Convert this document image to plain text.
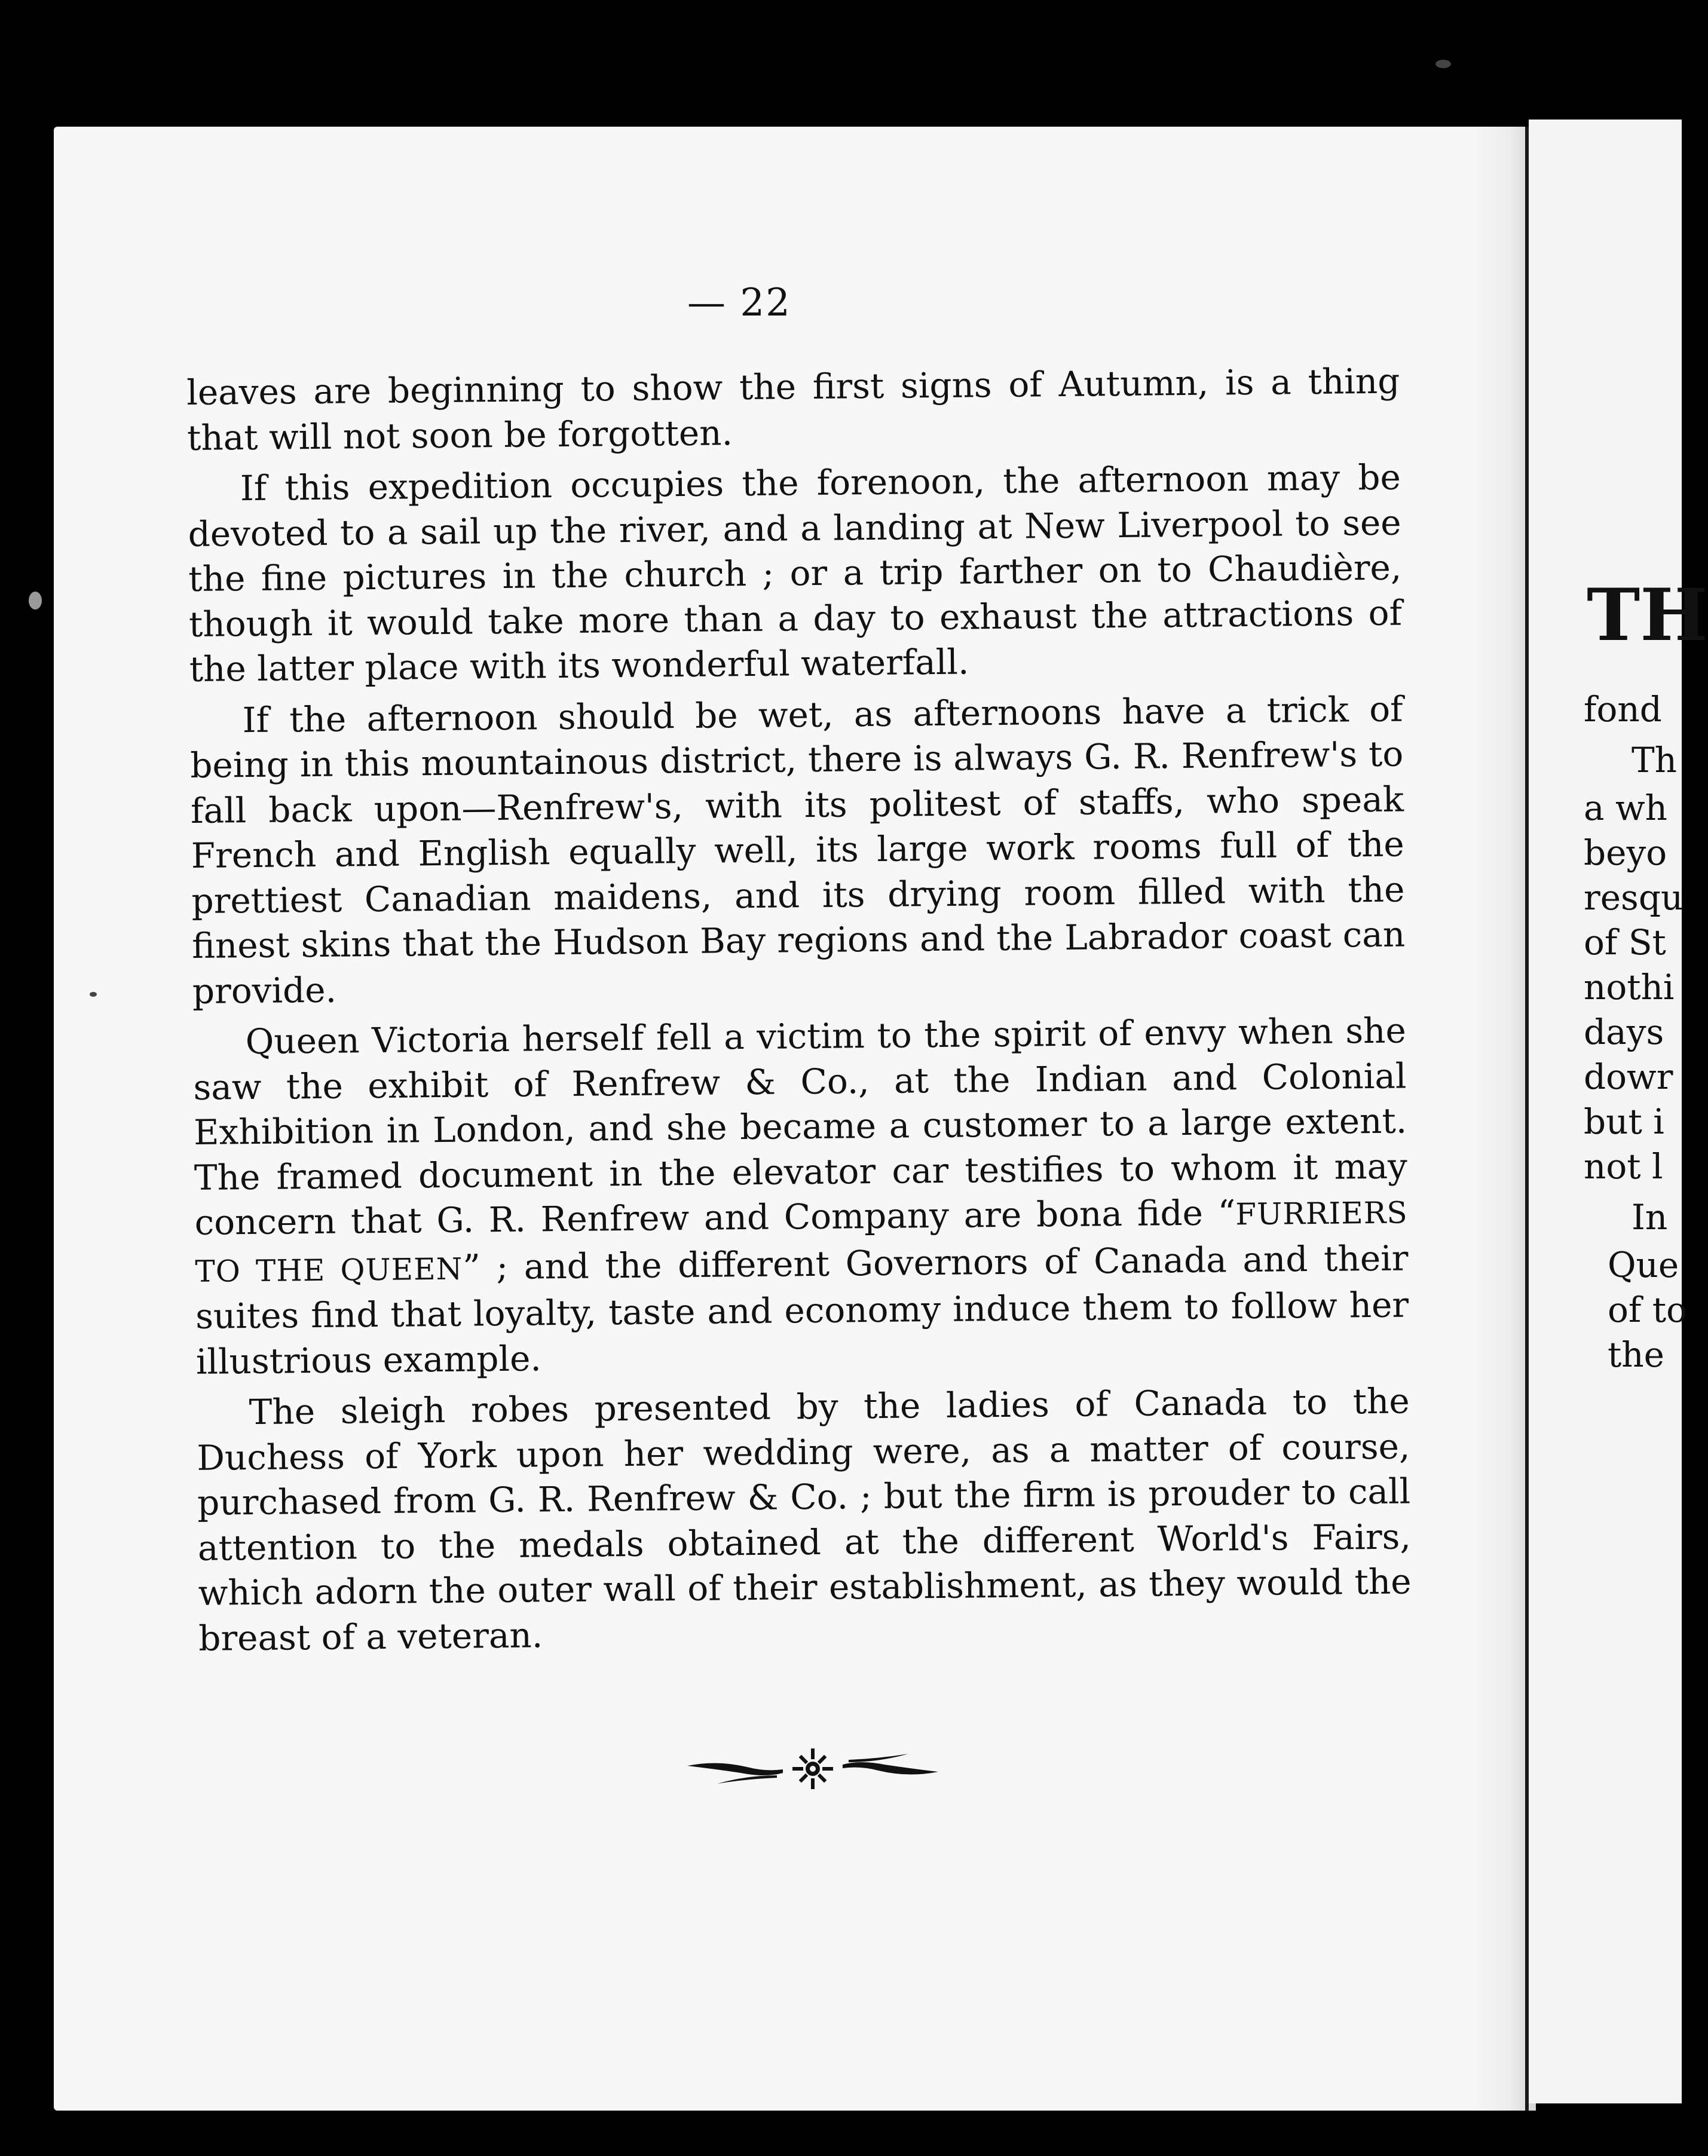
— 22

leaves are beginning to show the first signs of Autumn, is a thing that will not soon be forgotten.

If this expedition occupies the forenoon, the afternoon may be devoted to a sail up the river, and a landing at New Liverpool to see the fine pictures in the church ; or a trip farther on to Chaudière, though it would take more than a day to exhaust the attractions of the latter place with its wonderful waterfall.

If the afternoon should be wet, as afternoons have a trick of being in this mountainous district, there is always G. R. Renfrew's to fall back upon—Renfrew's, with its politest of staffs, who speak French and English equally well, its large work rooms full of the prettiest Canadian maidens, and its drying room filled with the finest skins that the Hudson Bay regions and the Labrador coast can provide.

Queen Victoria herself fell a victim to the spirit of envy when she saw the exhibit of Renfrew & Co., at the Indian and Colonial Exhibition in London, and she became a customer to a large extent. The framed document in the elevator car testifies to whom it may concern that G. R. Renfrew and Company are bona fide “FURRIERS TO THE QUEEN” ; and the different Governors of Canada and their suites find that loyalty, taste and economy induce them to follow her illustrious example.

The sleigh robes presented by the ladies of Canada to the Duchess of York upon her wedding were, as a matter of course, purchased from G. R. Renfrew & Co. ; but the firm is prouder to call attention to the medals obtained at the different World's Fairs, which adorn the outer wall of their establishment, as they would the breast of a veteran.

TH
fond
Th
a wh
beyo
resqu
of St
nothi
days
dowr
but i
not l
In
Que
of to
the
